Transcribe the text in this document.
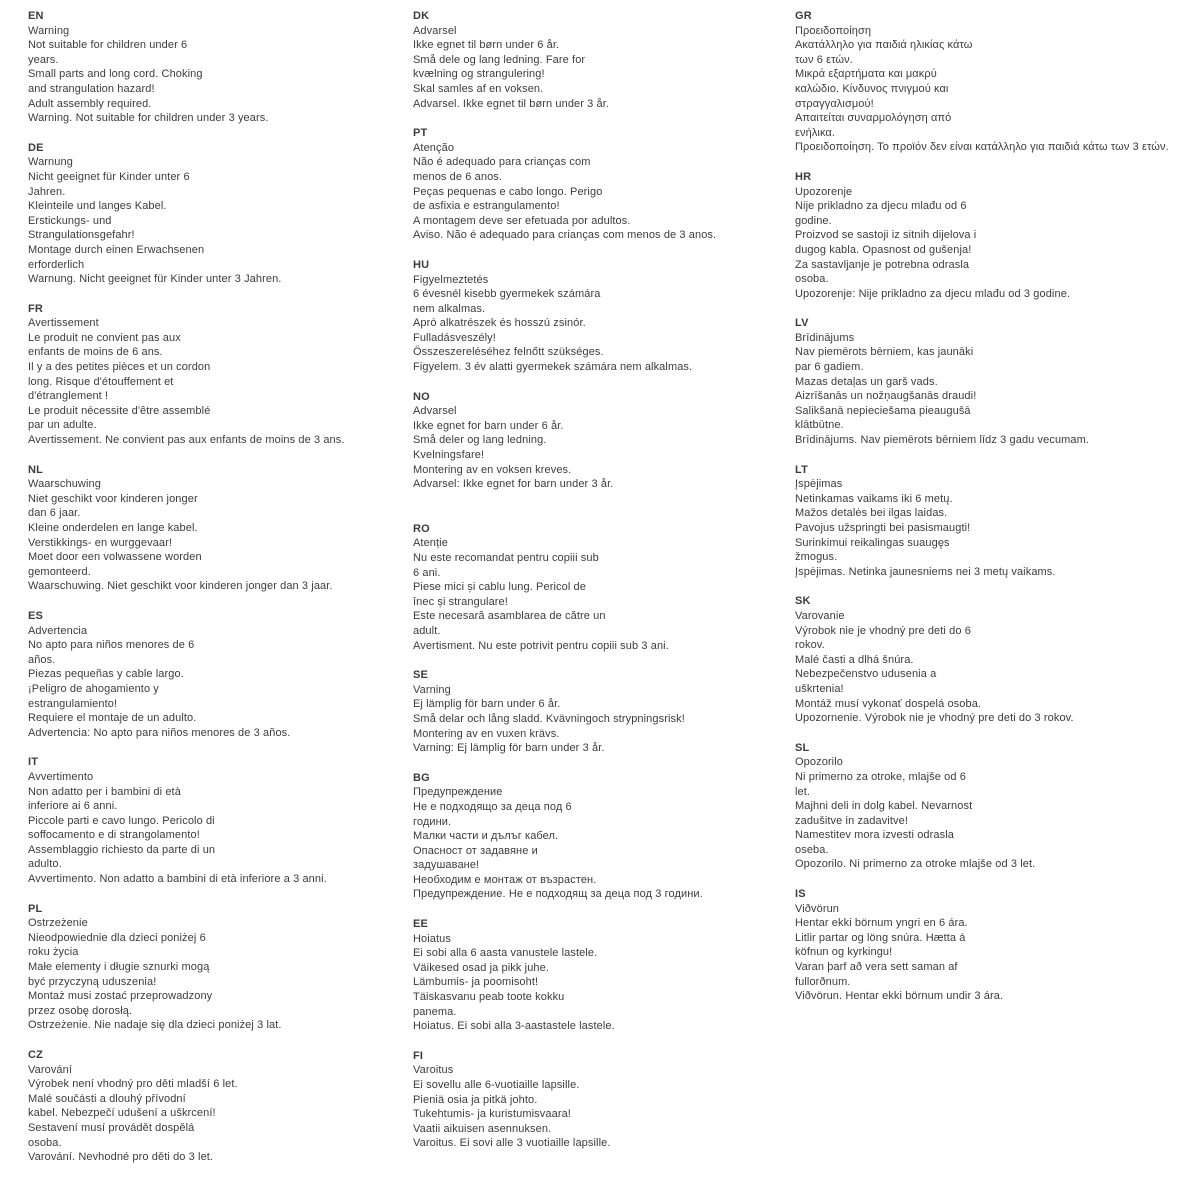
EN
Warning
Not suitable for children under 6
years.
Small parts and long cord. Choking
and strangulation hazard!
Adult assembly required.
Warning. Not suitable for children under 3 years.
DE
Warnung
Nicht geeignet für Kinder unter 6
Jahren.
Kleinteile und langes Kabel.
Erstickungs- und
Strangulationsgefahr!
Montage durch einen Erwachsenen
erforderlich
Warnung. Nicht geeignet für Kinder unter 3 Jahren.
FR
Avertissement
Le produit ne convient pas aux
enfants de moins de 6 ans.
Il y a des petites pièces et un cordon
long. Risque d'étouffement et
d'étranglement !
Le produit nécessite d'être assemblé
par un adulte.
Avertissement. Ne convient pas aux enfants de moins de 3 ans.
NL
Waarschuwing
Niet geschikt voor kinderen jonger
dan 6 jaar.
Kleine onderdelen en lange kabel.
Verstikkings- en wurggevaar!
Moet door een volwassene worden
gemonteerd.
Waarschuwing. Niet geschikt voor kinderen jonger dan 3 jaar.
ES
Advertencia
No apto para niños menores de 6
años.
Piezas pequeñas y cable largo.
¡Peligro de ahogamiento y
estrangulamiento!
Requiere el montaje de un adulto.
Advertencia: No apto para niños menores de 3 años.
IT
Avvertimento
Non adatto per i bambini di età
inferiore ai 6 anni.
Piccole parti e cavo lungo. Pericolo di
soffocamento e di strangolamento!
Assemblaggio richiesto da parte di un
adulto.
Avvertimento. Non adatto a bambini di età inferiore a 3 anni.
PL
Ostrzeżenie
Nieodpowiednie dla dzieci poniżej 6
roku życia
Małe elementy i długie sznurki mogą
być przyczyną uduszenia!
Montaż musi zostać przeprowadzony
przez osobę dorosłą.
Ostrzeżenie. Nie nadaje się dla dzieci poniżej 3 lat.
CZ
Varování
Výrobek není vhodný pro děti mladší 6 let.
Malé součásti a dlouhý přívodní
kabel. Nebezpečí udušení a uškrcení!
Sestavení musí provádět dospělá
osoba.
Varování. Nevhodné pro děti do 3 let.
DK
Advarsel
Ikke egnet til børn under 6 år.
Små dele og lang ledning. Fare for
kvælning og strangulering!
Skal samles af en voksen.
Advarsel. Ikke egnet til børn under 3 år.
PT
Atenção
Não é adequado para crianças com
menos de 6 anos.
Peças pequenas e cabo longo. Perigo
de asfixia e estrangulamento!
A montagem deve ser efetuada por adultos.
Aviso. Não é adequado para crianças com menos de 3 anos.
HU
Figyelmeztetés
6 évesnél kisebb gyermekek számára
nem alkalmas.
Apró alkatrészek és hosszú zsinór.
Fulladásveszély!
Összeszereléséhez felnőtt szükséges.
Figyelem. 3 év alatti gyermekek számára nem alkalmas.
NO
Advarsel
Ikke egnet for barn under 6 år.
Små deler og lang ledning.
Kvelningsfare!
Montering av en voksen kreves.
Advarsel: Ikke egnet for barn under 3 år.
RO
Atenție
Nu este recomandat pentru copiii sub
6 ani.
Piese mici și cablu lung. Pericol de
înec și strangulare!
Este necesară asamblarea de către un
adult.
Avertisment. Nu este potrivit pentru copiii sub 3 ani.
SE
Varning
Ej lämplig för barn under 6 år.
Små delar och lång sladd. Kvävningoch strypningsrisk!
Montering av en vuxen krävs.
Varning: Ej lämplig för barn under 3 år.
BG
Предупреждение
Не е подходящо за деца под 6
години.
Малки части и дълъг кабел.
Опасност от задавяне и
задушаване!
Необходим е монтаж от възрастен.
Предупреждение. Не е подходящ за деца под 3 години.
EE
Hoiatus
Ei sobi alla 6 aasta vanustele lastele.
Väikesed osad ja pikk juhe.
Lämbumis- ja poomisoht!
Täiskasvanu peab toote kokku
panema.
Hoiatus. Ei sobi alla 3-aastastele lastele.
FI
Varoitus
Ei sovellu alle 6-vuotiaille lapsille.
Pieniä osia ja pitkä johto.
Tukehtumis- ja kuristumisvaara!
Vaatii aikuisen asennuksen.
Varoitus. Ei sovi alle 3 vuotiaille lapsille.
GR
Προειδοποίηση
Ακατάλληλο για παιδιά ηλικίας κάτω
των 6 ετών.
Μικρά εξαρτήματα και μακρύ
καλώδιο. Κίνδυνος πνιγμού και
στραγγαλισμού!
Απαιτείται συναρμολόγηση από
ενήλικα.
Προειδοποίηση. Το προϊόν δεν είναι κατάλληλο για παιδιά κάτω των 3 ετών.
HR
Upozorenje
Nije prikladno za djecu mlađu od 6
godine.
Proizvod se sastoji iz sitnih dijelova i
dugog kabla. Opasnost od gušenja!
Za sastavljanje je potrebna odrasla
osoba.
Upozorenje: Nije prikladno za djecu mlađu od 3 godine.
LV
Brīdinājums
Nav piemērots bērniem, kas jaunāki
par 6 gadiem.
Mazas detaļas un garš vads.
Aizrīšanās un nožņaugšanās draudi!
Salikšanā nepieciešama pieaugušā
klātbūtne.
Brīdinājums. Nav piemērots bērniem līdz 3 gadu vecumam.
LT
Įspėjimas
Netinkamas vaikams iki 6 metų.
Mažos detalės bei ilgas laidas.
Pavojus užspringti bei pasismaugti!
Surinkimui reikalingas suaugęs
žmogus.
Įspėjimas. Netinka jaunesniems nei 3 metų vaikams.
SK
Varovanie
Výrobok nie je vhodný pre deti do 6
rokov.
Malé časti a dlhá šnúra.
Nebezpečenstvo udusenia a
uškrtenia!
Montáž musí vykonať dospelá osoba.
Upozornenie. Výrobok nie je vhodný pre deti do 3 rokov.
SL
Opozorilo
Ni primerno za otroke, mlajše od 6
let.
Majhni deli in dolg kabel. Nevarnost
zadušitve in zadavitve!
Namestitev mora izvesti odrasla
oseba.
Opozorilo. Ni primerno za otroke mlajše od 3 let.
IS
Viðvörun
Hentar ekki börnum yngri en 6 ára.
Litlir partar og löng snúra. Hætta á
köfnun og kyrkingu!
Varan þarf að vera sett saman af
fullorðnum.
Viðvörun. Hentar ekki börnum undir 3 ára.
